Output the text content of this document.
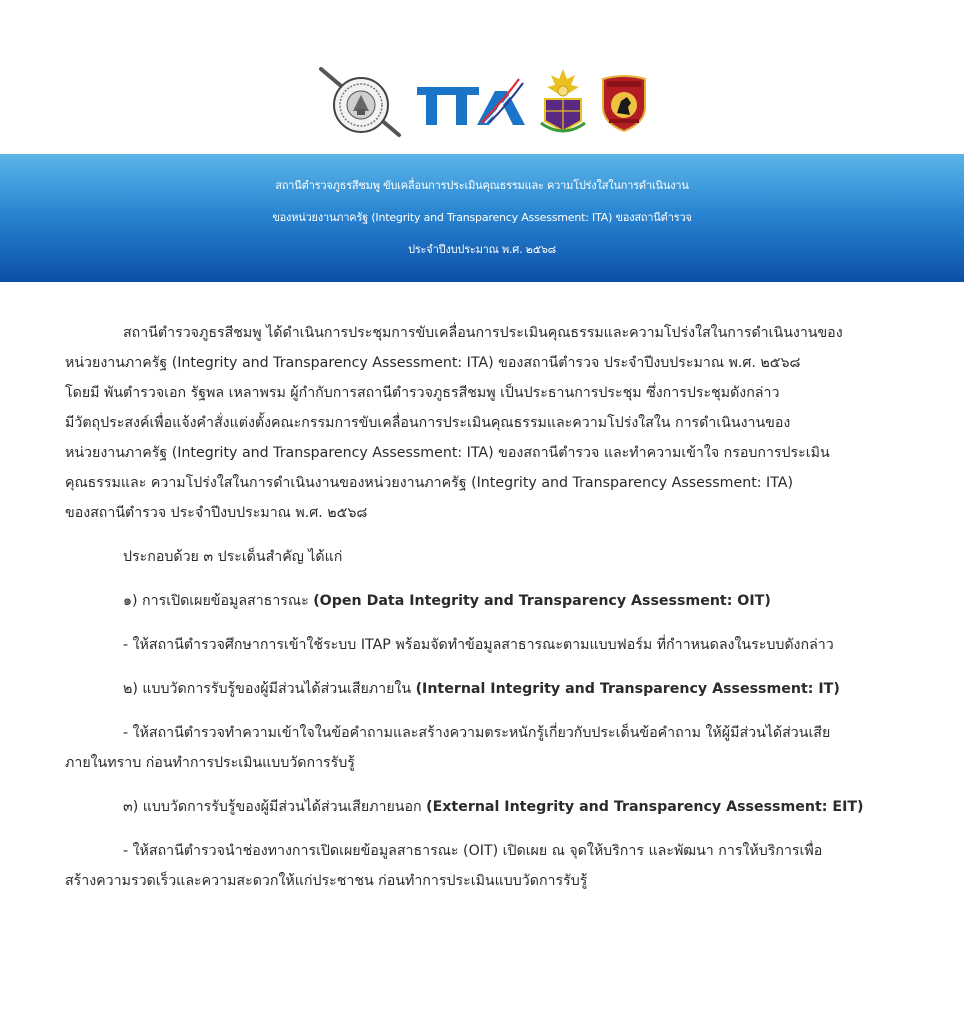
สถานีตำรวจภูธรสีชมพู ขับเคลื่อนการประเมินคุณธรรมและ ความโปร่งใสในการดำเนินงาน
ของหน่วยงานภาครัฐ (Integrity and Transparency Assessment: ITA) ของสถานีตำรวจ
ประจำปีงบประมาณ พ.ศ. ๒๕๖๘
สถานีตำรวจภูธรสีชมพู ได้ดำเนินการประชุมการขับเคลื่อนการประเมินคุณธรรมและความโปร่งใสในการดำเนินงานของ
หน่วยงานภาครัฐ (Integrity and Transparency Assessment: ITA) ของสถานีตำรวจ ประจำปีงบประมาณ พ.ศ. ๒๕๖๘
โดยมี พันตำรวจเอก รัฐพล เหลาพรม ผู้กำกับการสถานีตำรวจภูธรสีชมพู เป็นประธานการประชุม ซึ่งการประชุมดังกล่าว
มีวัตถุประสงค์เพื่อแจ้งคำสั่งแต่งตั้งคณะกรรมการขับเคลื่อนการประเมินคุณธรรมและความโปร่งใสใน การดำเนินงานของ
หน่วยงานภาครัฐ (Integrity and Transparency Assessment: ITA) ของสถานีตำรวจ และทำความเข้าใจ กรอบการประเมิน
คุณธรรมและ ความโปร่งใสในการดำเนินงานของหน่วยงานภาครัฐ (Integrity and Transparency Assessment: ITA)
ของสถานีตำรวจ ประจำปีงบประมาณ พ.ศ. ๒๕๖๘
ประกอบด้วย ๓ ประเด็นสำคัญ ได้แก่
๑) การเปิดเผยข้อมูลสาธารณะ (Open Data Integrity and Transparency Assessment: OIT)
- ให้สถานีตำรวจศึกษาการเข้าใช้ระบบ ITAP พร้อมจัดทำข้อมูลสาธารณะตามแบบฟอร์ม ที่กำาหนดลงในระบบดังกล่าว
๒) แบบวัดการรับรู้ของผู้มีส่วนได้ส่วนเสียภายใน (Internal Integrity and Transparency Assessment: IT)
- ให้สถานีตำรวจทำความเข้าใจในข้อคำถามและสร้างความตระหนักรู้เกี่ยวกับประเด็นข้อคำถาม ให้ผู้มีส่วนได้ส่วนเสีย
ภายในทราบ ก่อนทำการประเมินแบบวัดการรับรู้
๓) แบบวัดการรับรู้ของผู้มีส่วนได้ส่วนเสียภายนอก (External Integrity and Transparency Assessment: EIT)
- ให้สถานีตำรวจนำช่องทางการเปิดเผยข้อมูลสาธารณะ (OIT) เปิดเผย ณ จุดให้บริการ และพัฒนา การให้บริการเพื่อ
สร้างความรวดเร็วและความสะดวกให้แก่ประชาชน ก่อนทำการประเมินแบบวัดการรับรู้
